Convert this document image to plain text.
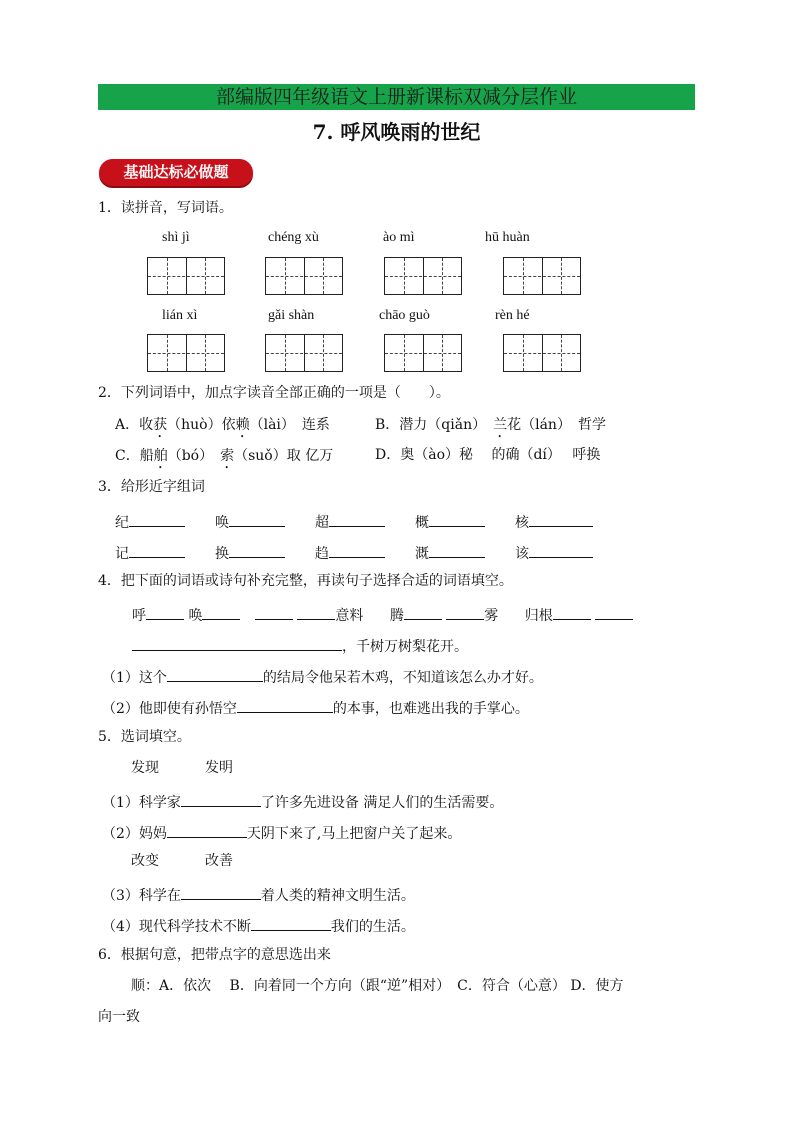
部编版四年级语文上册新课标双减分层作业
7. 呼风唤雨的世纪
基础达标必做题
1．读拼音，写词语。
shì jì	chéng xù	ào mì	hū huàn
lián xì	gǎi shàn	chāo guò	rèn hé
2．下列词语中，加点字读音全部正确的一项是（　　）。
A．收获（huò）依赖（lài）　连系	B．潜力（qiǎn）　兰花（lán）　哲学
C．船舶（bó）　索（suǒ）取 亿万	D．奥（ào）秘　 的确（dí）　 呼换
3．给形近字组词
纪	唤	超	概	核
记	换	趋	溉	该
4．把下面的词语或诗句补充完整，再读句子选择合适的词语填空。
呼	唤	意料 腾	雾 归根
，千树万树梨花开。
（1）这个	的结局令他呆若木鸡，不知道该怎么办才好。
（2）他即使有孙悟空	的本事，也难逃出我的手掌心。
5．选词填空。
发现	发明
（1）科学家	了许多先进设备 满足人们的生活需要。
（2）妈妈	天阴下来了,马上把窗户关了起来。
改变	改善
（3）科学在	着人类的精神文明生活。
（4）现代科学技术不断	我们的生活。
6．根据句意，把带点字的意思选出来
顺：A．依次　 B．向着同一个方向（跟“逆”相对）　C．符合（心意） D．使方
向一致
